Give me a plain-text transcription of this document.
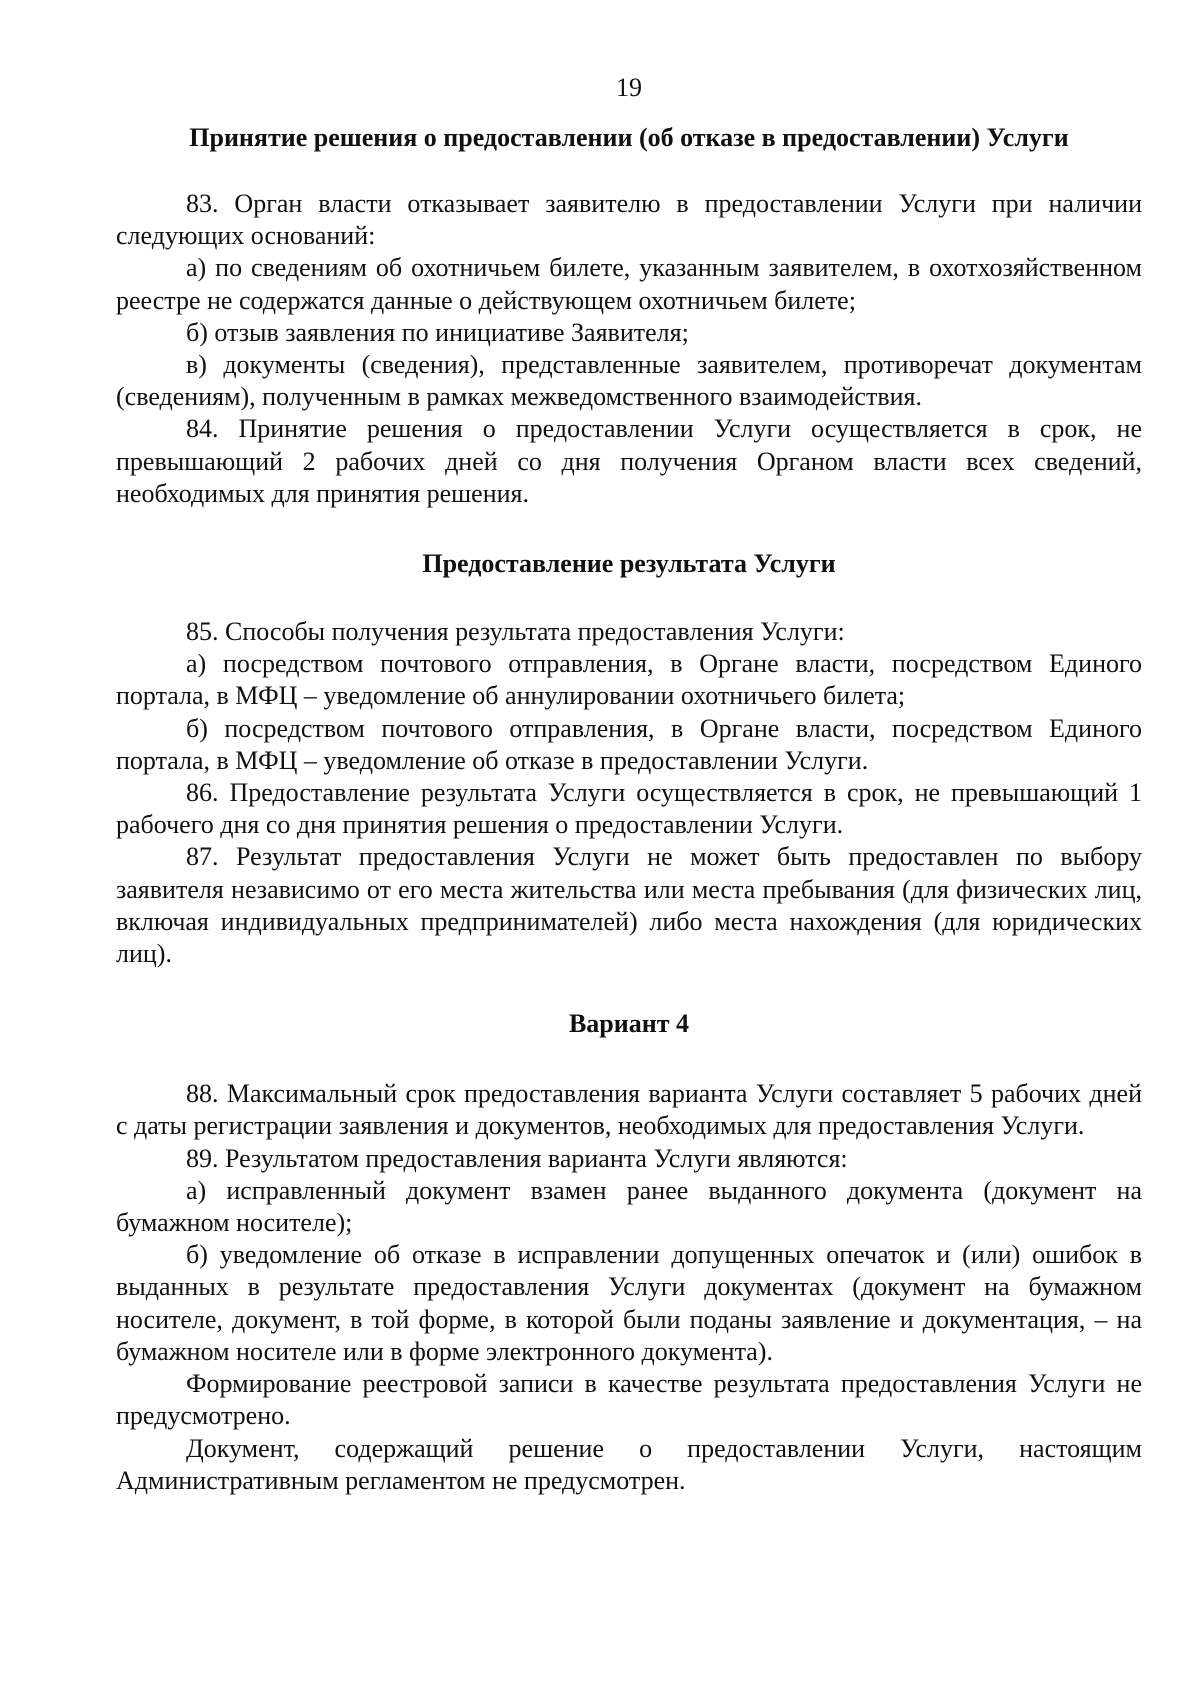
19
Принятие решения о предоставлении (об отказе в предоставлении) Услуги

83. Орган власти отказывает заявителю в предоставлении Услуги при наличии следующих оснований:

а) по сведениям об охотничьем билете, указанным заявителем, в охотхозяйственном реестре не содержатся данные о действующем охотничьем билете;

б) отзыв заявления по инициативе Заявителя;

в) документы (сведения), представленные заявителем, противоречат документам (сведениям), полученным в рамках межведомственного взаимодействия.

84. Принятие решения о предоставлении Услуги осуществляется в срок, не превышающий 2 рабочих дней со дня получения Органом власти всех сведений, необходимых для принятия решения.

Предоставление результата Услуги

85. Способы получения результата предоставления Услуги:

а) посредством почтового отправления, в Органе власти, посредством Единого портала, в МФЦ – уведомление об аннулировании охотничьего билета;

б) посредством почтового отправления, в Органе власти, посредством Единого портала, в МФЦ – уведомление об отказе в предоставлении Услуги.

86. Предоставление результата Услуги осуществляется в срок, не превышающий 1 рабочего дня со дня принятия решения о предоставлении Услуги.

87. Результат предоставления Услуги не может быть предоставлен по выбору заявителя независимо от его места жительства или места пребывания (для физических лиц, включая индивидуальных предпринимателей) либо места нахождения (для юридических лиц).

Вариант 4

88. Максимальный срок предоставления варианта Услуги составляет 5 рабочих дней с даты регистрации заявления и документов, необходимых для предоставления Услуги.

89. Результатом предоставления варианта Услуги являются:

а) исправленный документ взамен ранее выданного документа (документ на бумажном носителе);

б) уведомление об отказе в исправлении допущенных опечаток и (или) ошибок в выданных в результате предоставления Услуги документах (документ на бумажном носителе, документ, в той форме, в которой были поданы заявление и документация, – на бумажном носителе или в форме электронного документа).

Формирование реестровой записи в качестве результата предоставления Услуги не предусмотрено.

Документ, содержащий решение о предоставлении Услуги, настоящим Административным регламентом не предусмотрен.
